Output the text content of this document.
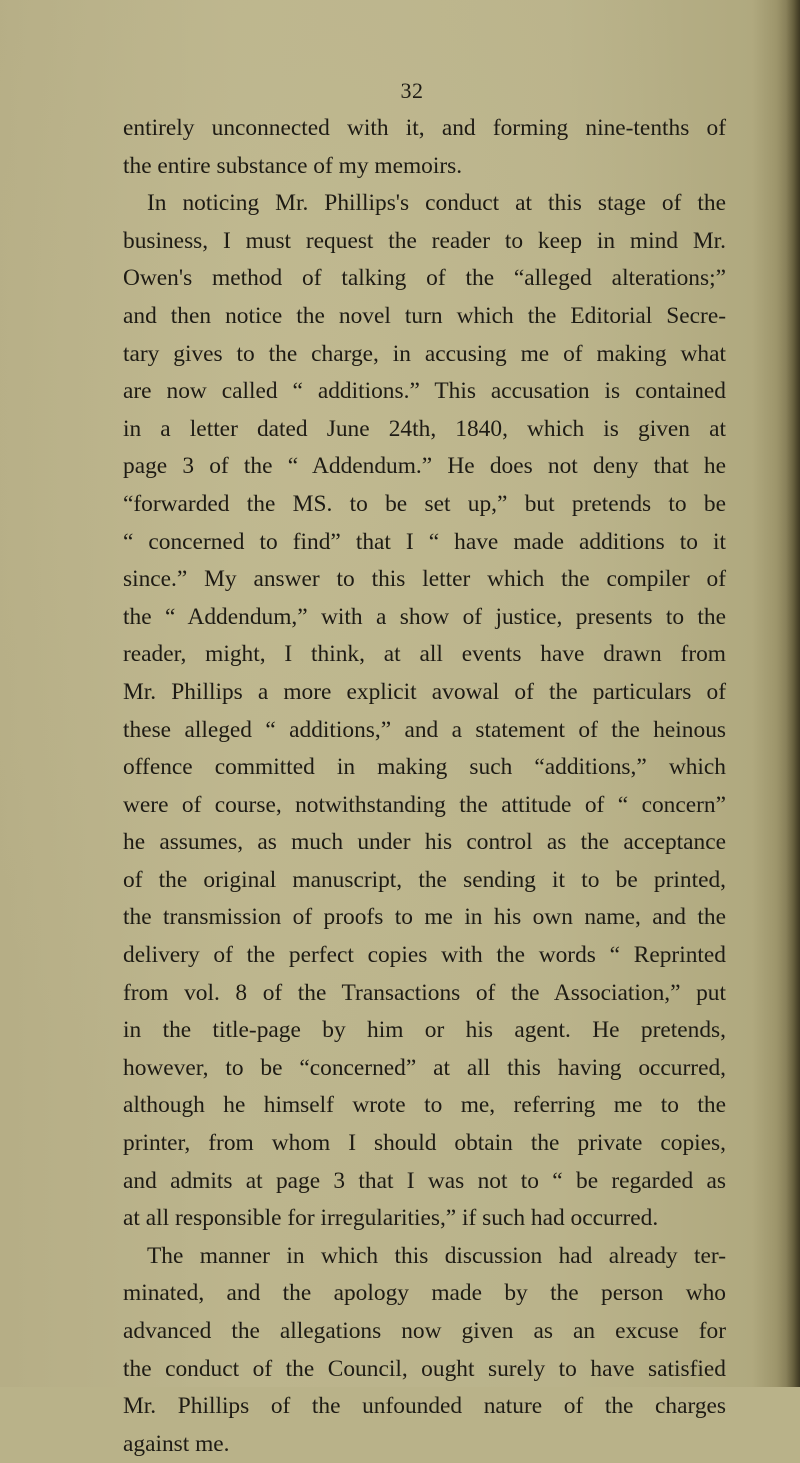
32
entirely unconnected with it, and forming nine-tenths of
the entire substance of my memoirs.
In noticing Mr. Phillips's conduct at this stage of the
business, I must request the reader to keep in mind Mr.
Owen's method of talking of the “alleged alterations;”
and then notice the novel turn which the Editorial Secre-
tary gives to the charge, in accusing me of making what
are now called “ additions.” This accusation is contained
in a letter dated June 24th, 1840, which is given at
page 3 of the “ Addendum.” He does not deny that he
“forwarded the MS. to be set up,” but pretends to be
“ concerned to find” that I “ have made additions to it
since.” My answer to this letter which the compiler of
the “ Addendum,” with a show of justice, presents to the
reader, might, I think, at all events have drawn from
Mr. Phillips a more explicit avowal of the particulars of
these alleged “ additions,” and a statement of the heinous
offence committed in making such “additions,” which
were of course, notwithstanding the attitude of “ concern”
he assumes, as much under his control as the acceptance
of the original manuscript, the sending it to be printed,
the transmission of proofs to me in his own name, and the
delivery of the perfect copies with the words “ Reprinted
from vol. 8 of the Transactions of the Association,” put
in the title-page by him or his agent. He pretends,
however, to be “concerned” at all this having occurred,
although he himself wrote to me, referring me to the
printer, from whom I should obtain the private copies,
and admits at page 3 that I was not to “ be regarded as
at all responsible for irregularities,” if such had occurred.
The manner in which this discussion had already ter-
minated, and the apology made by the person who
advanced the allegations now given as an excuse for
the conduct of the Council, ought surely to have satisfied
Mr. Phillips of the unfounded nature of the charges
against me.
